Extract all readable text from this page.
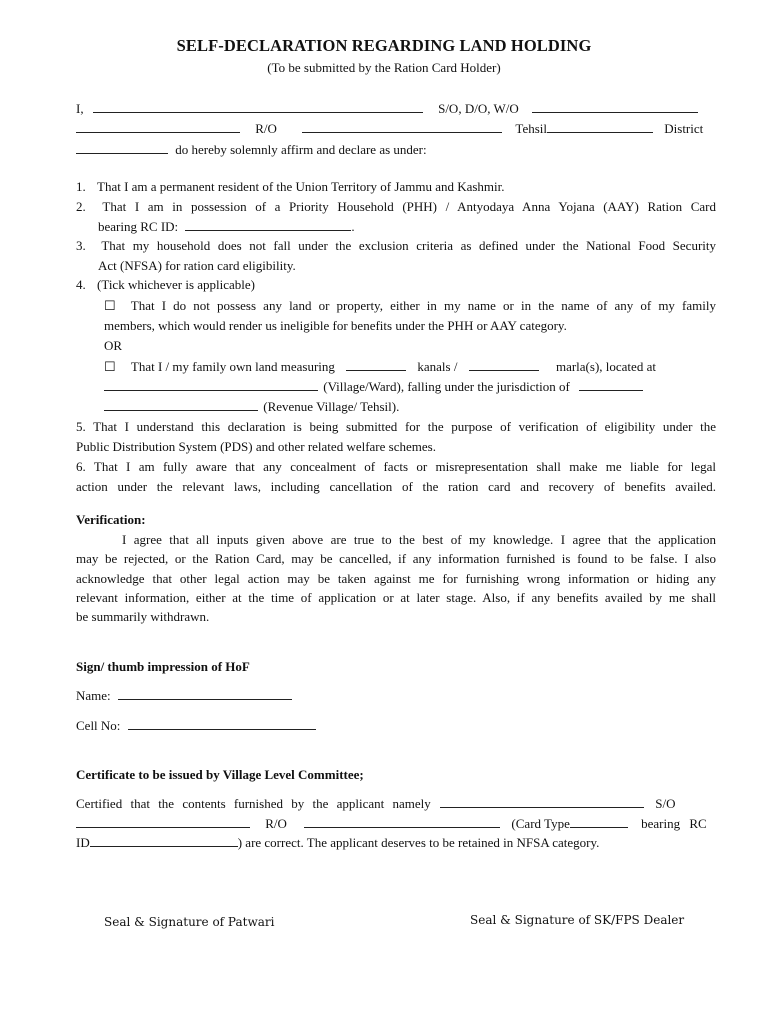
SELF-DECLARATION REGARDING LAND HOLDING
(To be submitted by the Ration Card Holder)
I,	S/O, D/O, W/O
R/O	Tehsil	District
do hereby solemnly affirm and declare as under:
1. That I am a permanent resident of the Union Territory of Jammu and Kashmir.
2. That I am in possession of a Priority Household (PHH) / Antyodaya Anna Yojana (AAY) Ration Card
bearing RC ID:	.
3. That my household does not fall under the exclusion criteria as defined under the National Food Security
Act (NFSA) for ration card eligibility.
4. (Tick whichever is applicable)
☐ That I do not possess any land or property, either in my name or in the name of any of my family
members, which would render us ineligible for benefits under the PHH or AAY category.
OR
☐ That I / my family own land measuring	kanals /	marla(s), located at
(Village/Ward), falling under the jurisdiction of
(Revenue Village/ Tehsil).
5. That I understand this declaration is being submitted for the purpose of verification of eligibility under the
Public Distribution System (PDS) and other related welfare schemes.
6. That I am fully aware that any concealment of facts or misrepresentation shall make me liable for legal
action under the relevant laws, including cancellation of the ration card and recovery of benefits availed.
Verification:
I agree that all inputs given above are true to the best of my knowledge. I agree that the application
may be rejected, or the Ration Card, may be cancelled, if any information furnished is found to be false. I also
acknowledge that other legal action may be taken against me for furnishing wrong information or hiding any
relevant information, either at the time of application or at later stage. Also, if any benefits availed by me shall
be summarily withdrawn.
Sign/ thumb impression of HoF
Name:
Cell No:
Certificate to be issued by Village Level Committee;
Certified that the contents furnished by the applicant namely	S/O
R/O	(Card Type	bearing RC
ID	) are correct. The applicant deserves to be retained in NFSA category.
Seal & Signature of Patwari	Seal & Signature of SK/FPS Dealer
